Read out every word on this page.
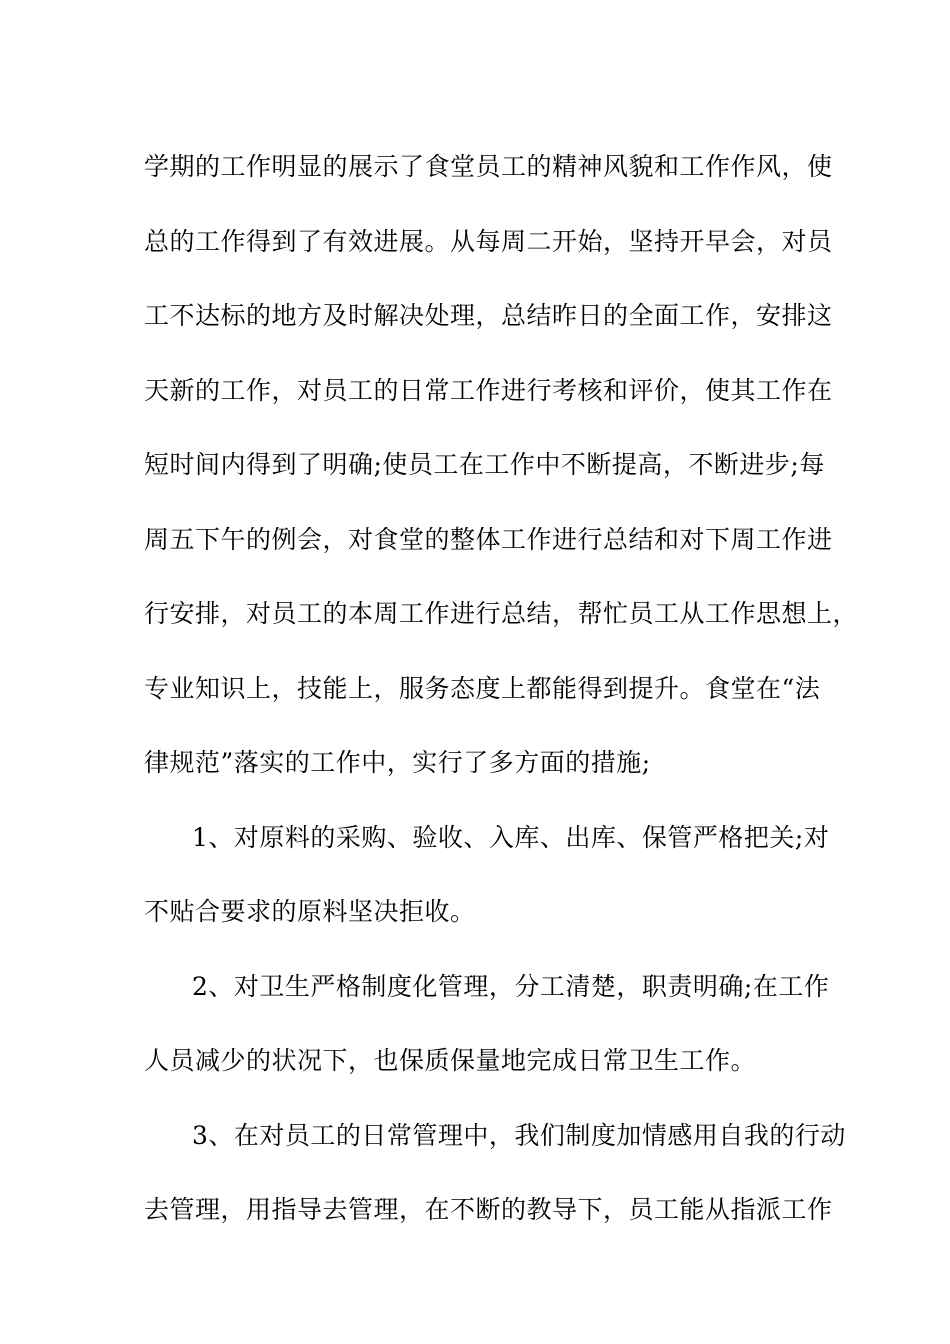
学期的工作明显的展示了食堂员工的精神风貌和工作作风，使
总的工作得到了有效进展。从每周二开始，坚持开早会，对员
工不达标的地方及时解决处理，总结昨日的全面工作，安排这
天新的工作，对员工的日常工作进行考核和评价，使其工作在
短时间内得到了明确;使员工在工作中不断提高，不断进步;每
周五下午的例会，对食堂的整体工作进行总结和对下周工作进
行安排，对员工的本周工作进行总结，帮忙员工从工作思想上，
专业知识上，技能上，服务态度上都能得到提升。食堂在“法
律规范”落实的工作中，实行了多方面的措施;
1、对原料的采购、验收、入库、出库、保管严格把关;对
不贴合要求的原料坚决拒收。
2、对卫生严格制度化管理，分工清楚，职责明确;在工作
人员减少的状况下，也保质保量地完成日常卫生工作。
3、在对员工的日常管理中，我们制度加情感用自我的行动
去管理，用指导去管理，在不断的教导下，员工能从指派工作
